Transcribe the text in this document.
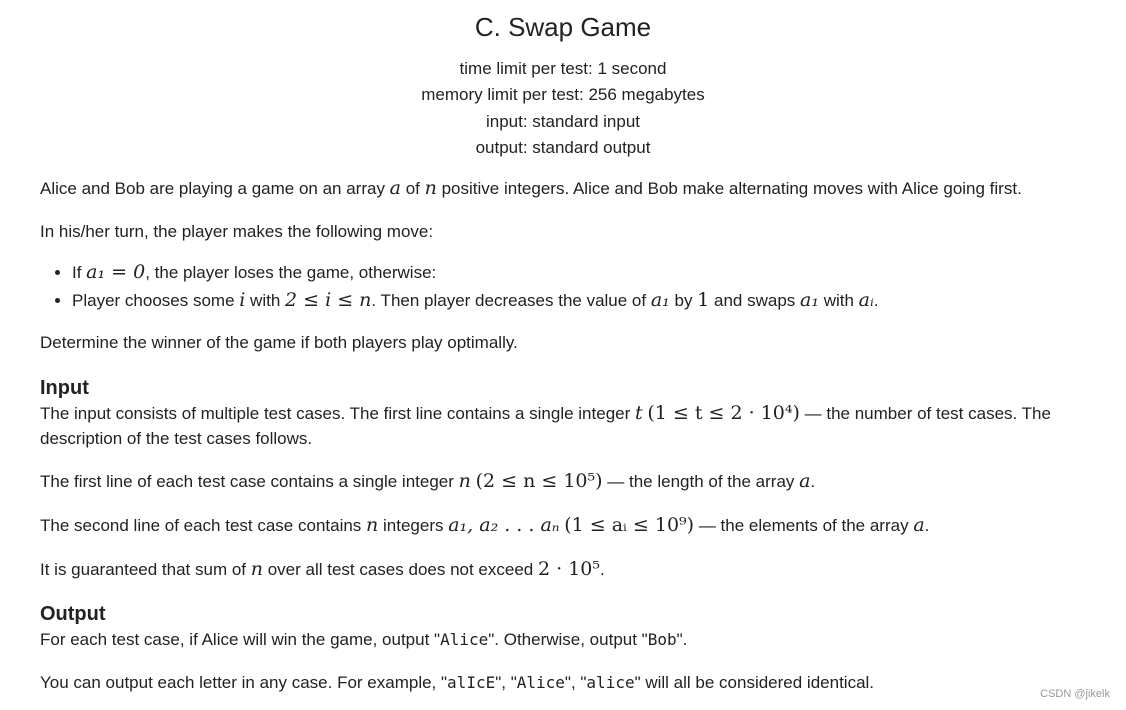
C. Swap Game
time limit per test: 1 second
memory limit per test: 256 megabytes
input: standard input
output: standard output

Alice and Bob are playing a game on an array a of n positive integers. Alice and Bob make alternating moves with Alice going first.

In his/her turn, the player makes the following move:

• If a₁ = 0, the player loses the game, otherwise:
• Player chooses some i with 2 ≤ i ≤ n. Then player decreases the value of a₁ by 1 and swaps a₁ with aᵢ.

Determine the winner of the game if both players play optimally.

Input

The input consists of multiple test cases. The first line contains a single integer t (1 ≤ t ≤ 2 · 10⁴) — the number of test cases. The description of the test cases follows.

The first line of each test case contains a single integer n (2 ≤ n ≤ 10⁵) — the length of the array a.

The second line of each test case contains n integers a₁, a₂ . . . aₙ (1 ≤ aᵢ ≤ 10⁹) — the elements of the array a.

It is guaranteed that sum of n over all test cases does not exceed 2 · 10⁵.

Output

For each test case, if Alice will win the game, output "Alice". Otherwise, output "Bob".

You can output each letter in any case. For example, "alIcE", "Alice", "alice" will all be considered identical.

CSDN @jikelk
